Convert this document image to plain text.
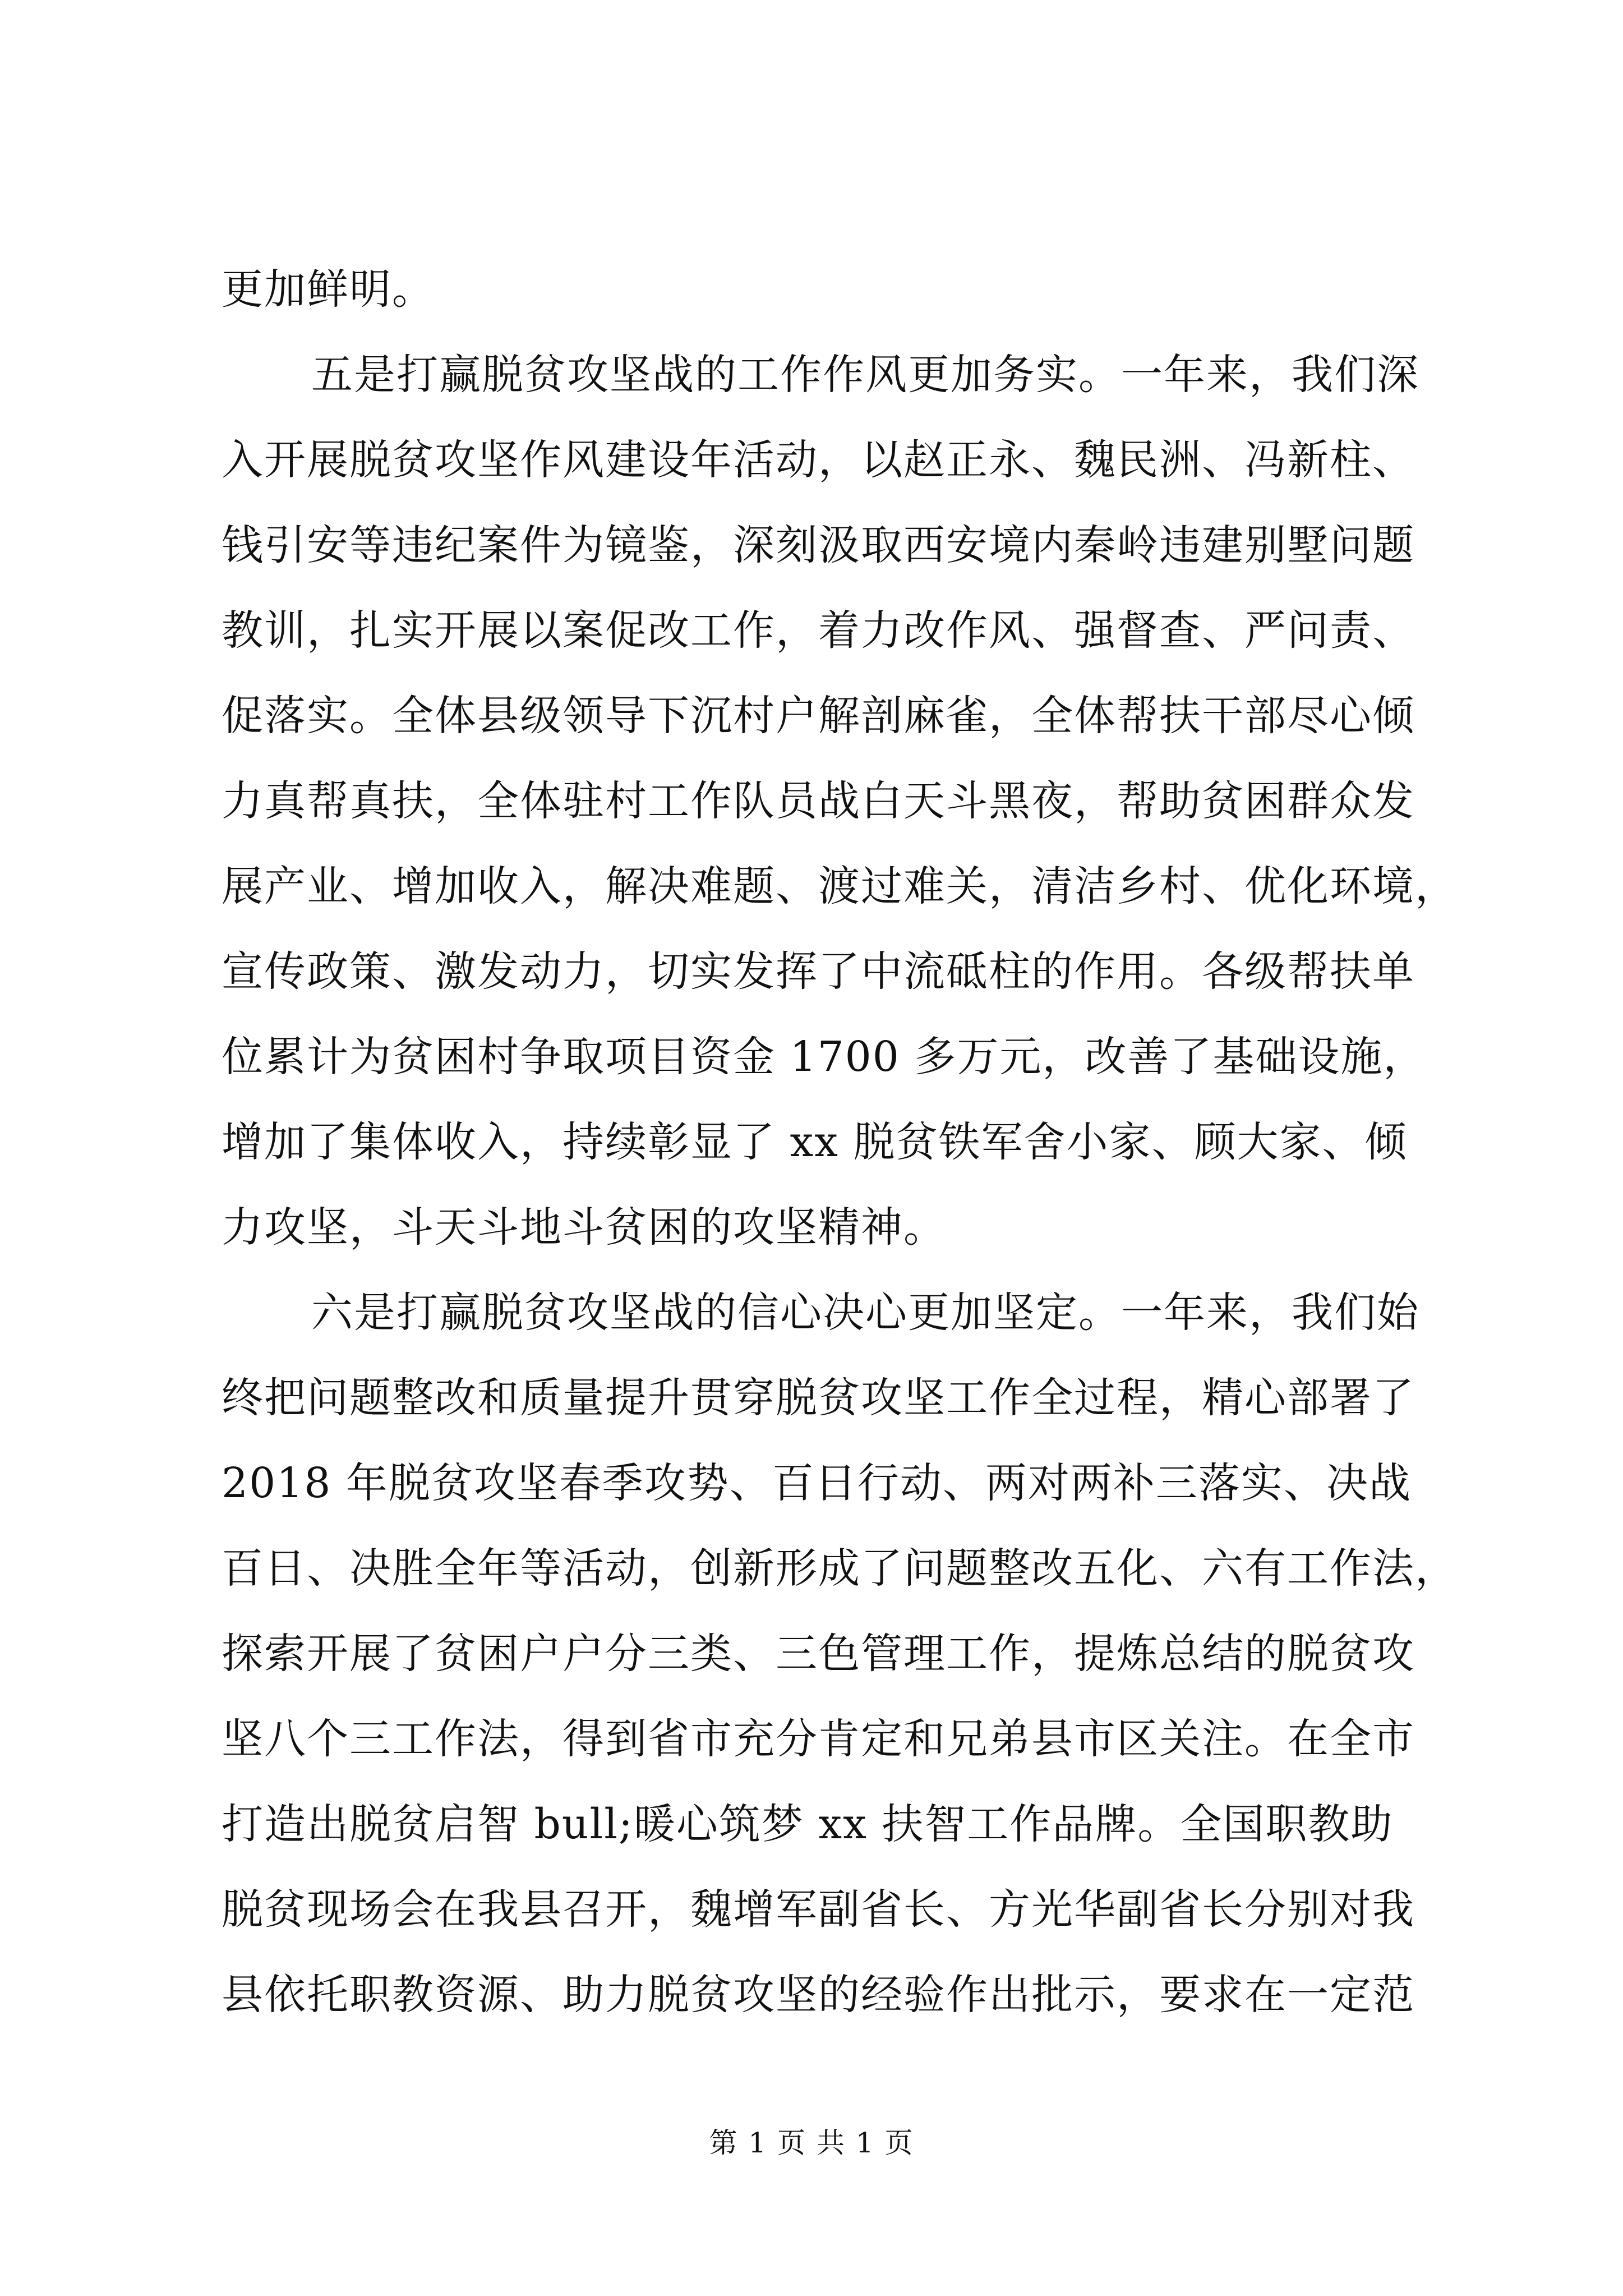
更加鲜明。
五是打赢脱贫攻坚战的工作作风更加务实。一年来，我们深
入开展脱贫攻坚作风建设年活动，以赵正永、魏民洲、冯新柱、
钱引安等违纪案件为镜鉴，深刻汲取西安境内秦岭违建别墅问题
教训，扎实开展以案促改工作，着力改作风、强督查、严问责、
促落实。全体县级领导下沉村户解剖麻雀，全体帮扶干部尽心倾
力真帮真扶，全体驻村工作队员战白天斗黑夜，帮助贫困群众发
展产业、增加收入，解决难题、渡过难关，清洁乡村、优化环境，
宣传政策、激发动力，切实发挥了中流砥柱的作用。各级帮扶单
位累计为贫困村争取项目资金 1700 多万元，改善了基础设施，
增加了集体收入，持续彰显了 xx 脱贫铁军舍小家、顾大家、倾
力攻坚，斗天斗地斗贫困的攻坚精神。
六是打赢脱贫攻坚战的信心决心更加坚定。一年来，我们始
终把问题整改和质量提升贯穿脱贫攻坚工作全过程，精心部署了
2018 年脱贫攻坚春季攻势、百日行动、两对两补三落实、决战
百日、决胜全年等活动，创新形成了问题整改五化、六有工作法，
探索开展了贫困户户分三类、三色管理工作，提炼总结的脱贫攻
坚八个三工作法，得到省市充分肯定和兄弟县市区关注。在全市
打造出脱贫启智 bull;暖心筑梦 xx 扶智工作品牌。全国职教助
脱贫现场会在我县召开，魏增军副省长、方光华副省长分别对我
县依托职教资源、助力脱贫攻坚的经验作出批示，要求在一定范
第 1 页 共 1 页
